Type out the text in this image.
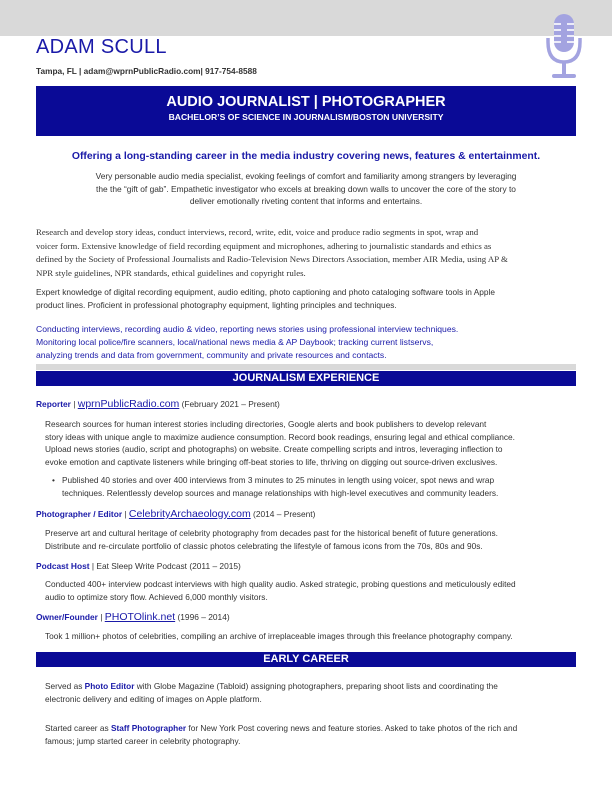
ADAM SCULL
Tampa, FL | adam@wprnPublicRadio.com| 917-754-8588
AUDIO JOURNALIST | PHOTOGRAPHER
BACHELOR’S OF SCIENCE IN JOURNALISM/BOSTON UNIVERSITY
Offering a long-standing career in the media industry covering news, features & entertainment.
Very personable audio media specialist, evoking feelings of comfort and familiarity among strangers by leveraging
the the “gift of gab”. Empathetic investigator who excels at breaking down walls to uncover the core of the story to
deliver emotionally riveting content that informs and entertains.
Research and develop story ideas, conduct interviews, record, write, edit, voice and produce radio segments in spot, wrap and
voicer form. Extensive knowledge of field recording equipment and microphones, adhering to journalistic standards and ethics as
defined by the Society of Professional Journalists and Radio-Television News Directors Association, member AIR Media, using AP &
NPR style guidelines, NPR standards, ethical guidelines and copyright rules.
Expert knowledge of digital recording equipment, audio editing, photo captioning and photo cataloging software tools in Apple
product lines. Proficient in professional photography equipment, lighting principles and techniques.
Conducting interviews, recording audio & video, reporting news stories using professional interview techniques.
Monitoring local police/fire scanners, local/national news media & AP Daybook; tracking current listservs,
analyzing trends and data from government, community and private resources and contacts.
JOURNALISM EXPERIENCE
Reporter | wprnPublicRadio.com (February 2021 – Present)
Research sources for human interest stories including directories, Google alerts and book publishers to develop relevant
story ideas with unique angle to maximize audience consumption. Record book readings, ensuring legal and ethical compliance.
Upload news stories (audio, script and photographs) on website. Create compelling scripts and intros, leveraging inflection to
evoke emotion and captivate listeners while bringing off-beat stories to life, thriving on digging out source-driven exclusives.
• Published 40 stories and over 400 interviews from 3 minutes to 25 minutes in length using voicer, spot news and wrap
techniques. Relentlessly develop sources and manage relationships with high-level executives and community leaders.
Photographer / Editor | CelebrityArchaeology.com (2014 – Present)
Preserve art and cultural heritage of celebrity photography from decades past for the historical benefit of future generations.
Distribute and re-circulate portfolio of classic photos celebrating the lifestyle of famous icons from the 70s, 80s and 90s.
Podcast Host | Eat Sleep Write Podcast (2011 – 2015)
Conducted 400+ interview podcast interviews with high quality audio. Asked strategic, probing questions and meticulously edited
audio to optimize story flow. Achieved 6,000 monthly visitors.
Owner/Founder | PHOTOlink.net (1996 – 2014)
Took 1 million+ photos of celebrities, compiling an archive of irreplaceable images through this freelance photography company.
EARLY CAREER
Served as Photo Editor with Globe Magazine (Tabloid) assigning photographers, preparing shoot lists and coordinating the
electronic delivery and editing of images on Apple platform.
Started career as Staff Photographer for New York Post covering news and feature stories. Asked to take photos of the rich and
famous; jump started career in celebrity photography.
